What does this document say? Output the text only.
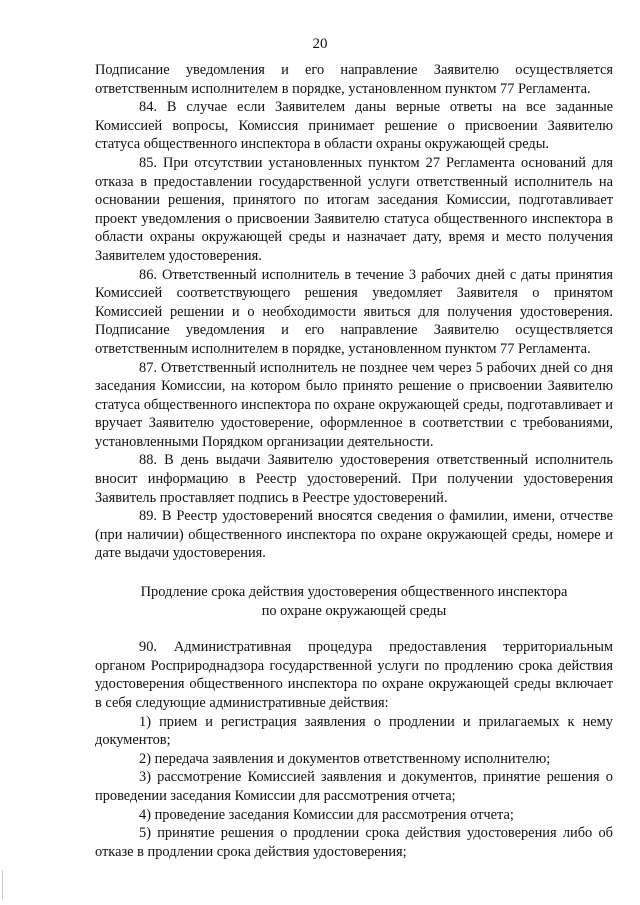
20

Подписание уведомления и его направление Заявителю осуществляется ответственным исполнителем в порядке, установленном пунктом 77 Регламента.

84. В случае если Заявителем даны верные ответы на все заданные Комиссией вопросы, Комиссия принимает решение о присвоении Заявителю статуса общественного инспектора в области охраны окружающей среды.

85. При отсутствии установленных пунктом 27 Регламента оснований для отказа в предоставлении государственной услуги ответственный исполнитель на основании решения, принятого по итогам заседания Комиссии, подготавливает проект уведомления о присвоении Заявителю статуса общественного инспектора в области охраны окружающей среды и назначает дату, время и место получения Заявителем удостоверения.

86. Ответственный исполнитель в течение 3 рабочих дней с даты принятия Комиссией соответствующего решения уведомляет Заявителя о принятом Комиссией решении и о необходимости явиться для получения удостоверения. Подписание уведомления и его направление Заявителю осуществляется ответственным исполнителем в порядке, установленном пунктом 77 Регламента.

87. Ответственный исполнитель не позднее чем через 5 рабочих дней со дня заседания Комиссии, на котором было принято решение о присвоении Заявителю статуса общественного инспектора по охране окружающей среды, подготавливает и вручает Заявителю удостоверение, оформленное в соответствии с требованиями, установленными Порядком организации деятельности.

88. В день выдачи Заявителю удостоверения ответственный исполнитель вносит информацию в Реестр удостоверений. При получении удостоверения Заявитель проставляет подпись в Реестре удостоверений.

89. В Реестр удостоверений вносятся сведения о фамилии, имени, отчестве (при наличии) общественного инспектора по охране окружающей среды, номере и дате выдачи удостоверения.

Продление срока действия удостоверения общественного инспектора
по охране окружающей среды

90. Административная процедура предоставления территориальным органом Росприроднадзора государственной услуги по продлению срока действия удостоверения общественного инспектора по охране окружающей среды включает в себя следующие административные действия:

1) прием и регистрация заявления о продлении и прилагаемых к нему документов;

2) передача заявления и документов ответственному исполнителю;

3) рассмотрение Комиссией заявления и документов, принятие решения о проведении заседания Комиссии для рассмотрения отчета;

4) проведение заседания Комиссии для рассмотрения отчета;

5) принятие решения о продлении срока действия удостоверения либо об отказе в продлении срока действия удостоверения;
